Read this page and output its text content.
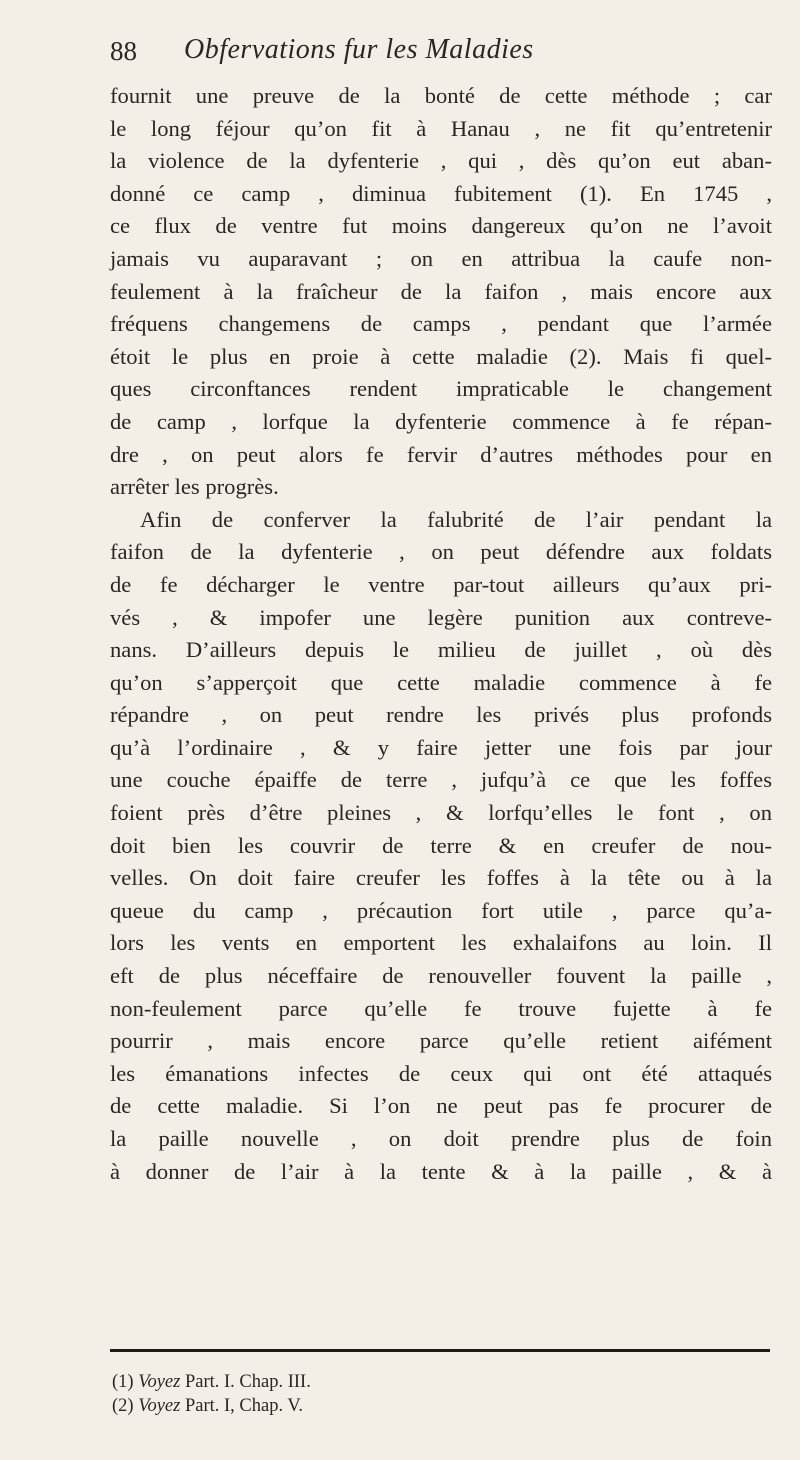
88 Obfervations fur les Maladies
fournit une preuve de la bonté de cette méthode ; car
le long féjour qu’on fit à Hanau , ne fit qu’entretenir
la violence de la dyfenterie , qui , dès qu’on eut aban-
donné ce camp , diminua fubitement (1). En 1745 ,
ce flux de ventre fut moins dangereux qu’on ne l’avoit
jamais vu auparavant ; on en attribua la caufe non-
feulement à la fraîcheur de la faifon , mais encore aux
fréquens changemens de camps , pendant que l’armée
étoit le plus en proie à cette maladie (2). Mais fi quel-
ques circonftances rendent impraticable le changement
de camp , lorfque la dyfenterie commence à fe répan-
dre , on peut alors fe fervir d’autres méthodes pour en
arrêter les progrès.
Afin de conferver la falubrité de l’air pendant la
faifon de la dyfenterie , on peut défendre aux foldats
de fe décharger le ventre par-tout ailleurs qu’aux pri-
vés , & impofer une legère punition aux contreve-
nans. D’ailleurs depuis le milieu de juillet , où dès
qu’on s’apperçoit que cette maladie commence à fe
répandre , on peut rendre les privés plus profonds
qu’à l’ordinaire , & y faire jetter une fois par jour
une couche épaiffe de terre , jufqu’à ce que les foffes
foient près d’être pleines , & lorfqu’elles le font , on
doit bien les couvrir de terre & en creufer de nou-
velles. On doit faire creufer les foffes à la tête ou à la
queue du camp , précaution fort utile , parce qu’a-
lors les vents en emportent les exhalaifons au loin. Il
eft de plus néceffaire de renouveller fouvent la paille ,
non-feulement parce qu’elle fe trouve fujette à fe
pourrir , mais encore parce qu’elle retient aifément
les émanations infectes de ceux qui ont été attaqués
de cette maladie. Si l’on ne peut pas fe procurer de
la paille nouvelle , on doit prendre plus de foin
à donner de l’air à la tente & à la paille , & à
(1) Voyez Part. I. Chap. III.
(2) Voyez Part. I, Chap. V.
